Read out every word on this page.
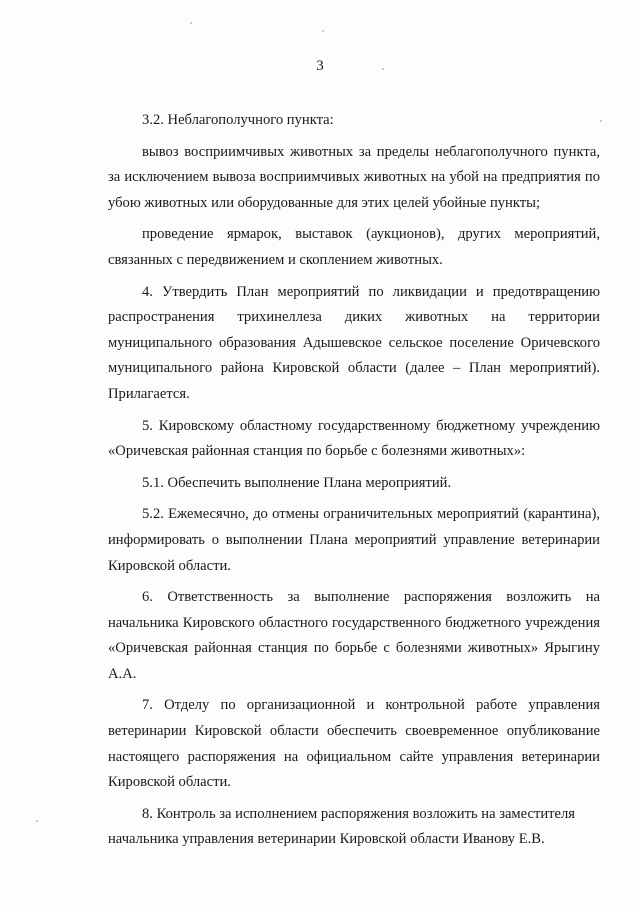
3

3.2. Неблагополучного пункта:

вывоз восприимчивых животных за пределы неблагополучного пункта, за исключением вывоза восприимчивых животных на убой на предприятия по убою животных или оборудованные для этих целей убойные пункты;

проведение ярмарок, выставок (аукционов), других мероприятий, связанных с передвижением и скоплением животных.

4. Утвердить План мероприятий по ликвидации и предотвращению распространения трихинеллеза диких животных на территории муниципального образования Адышевское сельское поселение Оричевского муниципального района Кировской области (далее – План мероприятий). Прилагается.

5. Кировскому областному государственному бюджетному учреждению «Оричевская районная станция по борьбе с болезнями животных»:

5.1. Обеспечить выполнение Плана мероприятий.

5.2. Ежемесячно, до отмены ограничительных мероприятий (карантина), информировать о выполнении Плана мероприятий управление ветеринарии Кировской области.

6. Ответственность за выполнение распоряжения возложить на начальника Кировского областного государственного бюджетного учреждения «Оричевская районная станция по борьбе с болезнями животных» Ярыгину А.А.

7. Отделу по организационной и контрольной работе управления ветеринарии Кировской области обеспечить своевременное опубликование настоящего распоряжения на официальном сайте управления ветеринарии Кировской области.

8. Контроль за исполнением распоряжения возложить на заместителя начальника управления ветеринарии Кировской области Иванову Е.В.
